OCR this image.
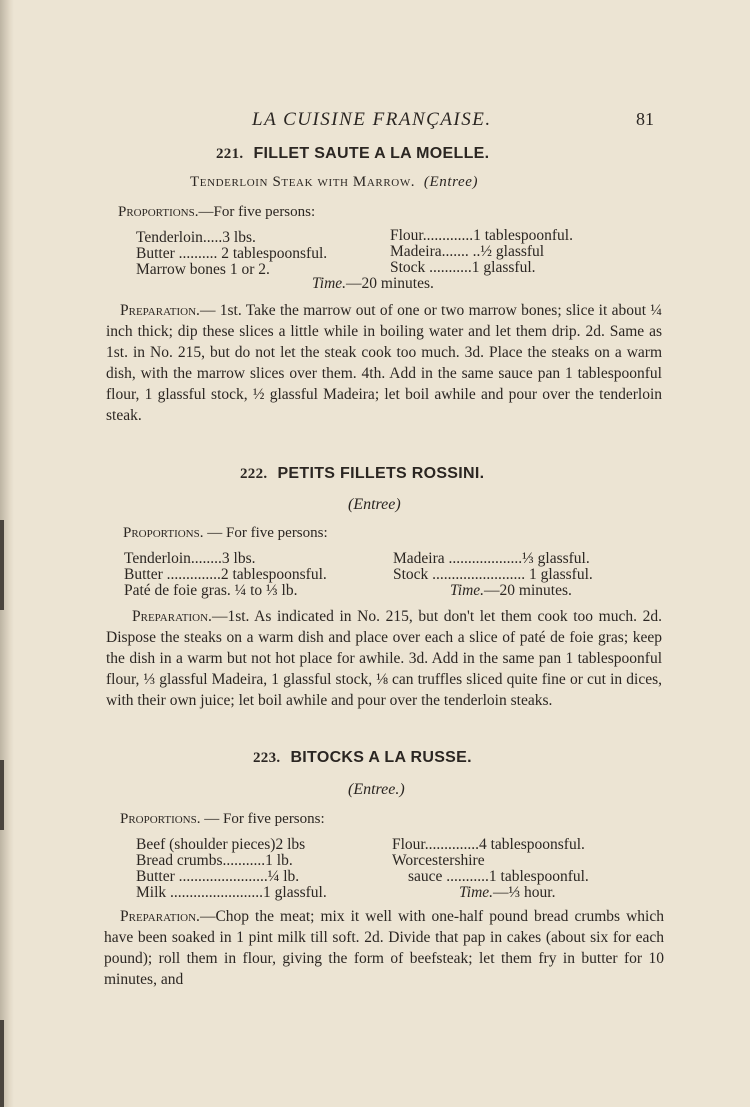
LA CUISINE FRANÇAISE.	81

221. FILLET SAUTE A LA MOELLE.

Tenderloin Steak with Marrow. (Entree)

Proportions.—For five persons:

Tenderloin.....3 lbs.

Butter .......... 2 tablespoonsful.

Marrow bones 1 or 2.

Flour.............1 tablespoonful.

Madeira....... ..½ glassful

Stock ...........1 glassful.

Time.—20 minutes.

Preparation.— 1st. Take the marrow out of one or two marrow bones; slice it about ¼ inch thick; dip these slices a little while in boiling water and let them drip. 2d. Same as 1st. in No. 215, but do not let the steak cook too much. 3d. Place the steaks on a warm dish, with the marrow slices over them. 4th. Add in the same sauce pan 1 tablespoonful flour, 1 glassful stock, ½ glassful Madeira; let boil awhile and pour over the tenderloin steak.

222. PETITS FILLETS ROSSINI.

(Entree)

Proportions. — For five persons:

Tenderloin........3 lbs.

Butter ..............2 tablespoonsful.

Paté de foie gras. ¼ to ⅓ lb.

Madeira ...................⅓ glassful.

Stock ........................ 1 glassful.

Time.—20 minutes.

Preparation.—1st. As indicated in No. 215, but don't let them cook too much. 2d. Dispose the steaks on a warm dish and place over each a slice of paté de foie gras; keep the dish in a warm but not hot place for awhile. 3d. Add in the same pan 1 tablespoonful flour, ⅓ glassful Madeira, 1 glassful stock, ⅛ can truffles sliced quite fine or cut in dices, with their own juice; let boil awhile and pour over the tenderloin steaks.

223. BITOCKS A LA RUSSE.

(Entree.)

Proportions. — For five persons:

Beef (shoulder pieces)2 lbs

Bread crumbs...........1 lb.

Butter .......................¼ lb.

Milk ........................1 glassful.

Flour..............4 tablespoonsful.

Worcestershire

sauce ...........1 tablespoonful.

Time.—⅓ hour.

Preparation.—Chop the meat; mix it well with one-half pound bread crumbs which have been soaked in 1 pint milk till soft. 2d. Divide that pap in cakes (about six for each pound); roll them in flour, giving the form of beefsteak; let them fry in butter for 10 minutes, and
